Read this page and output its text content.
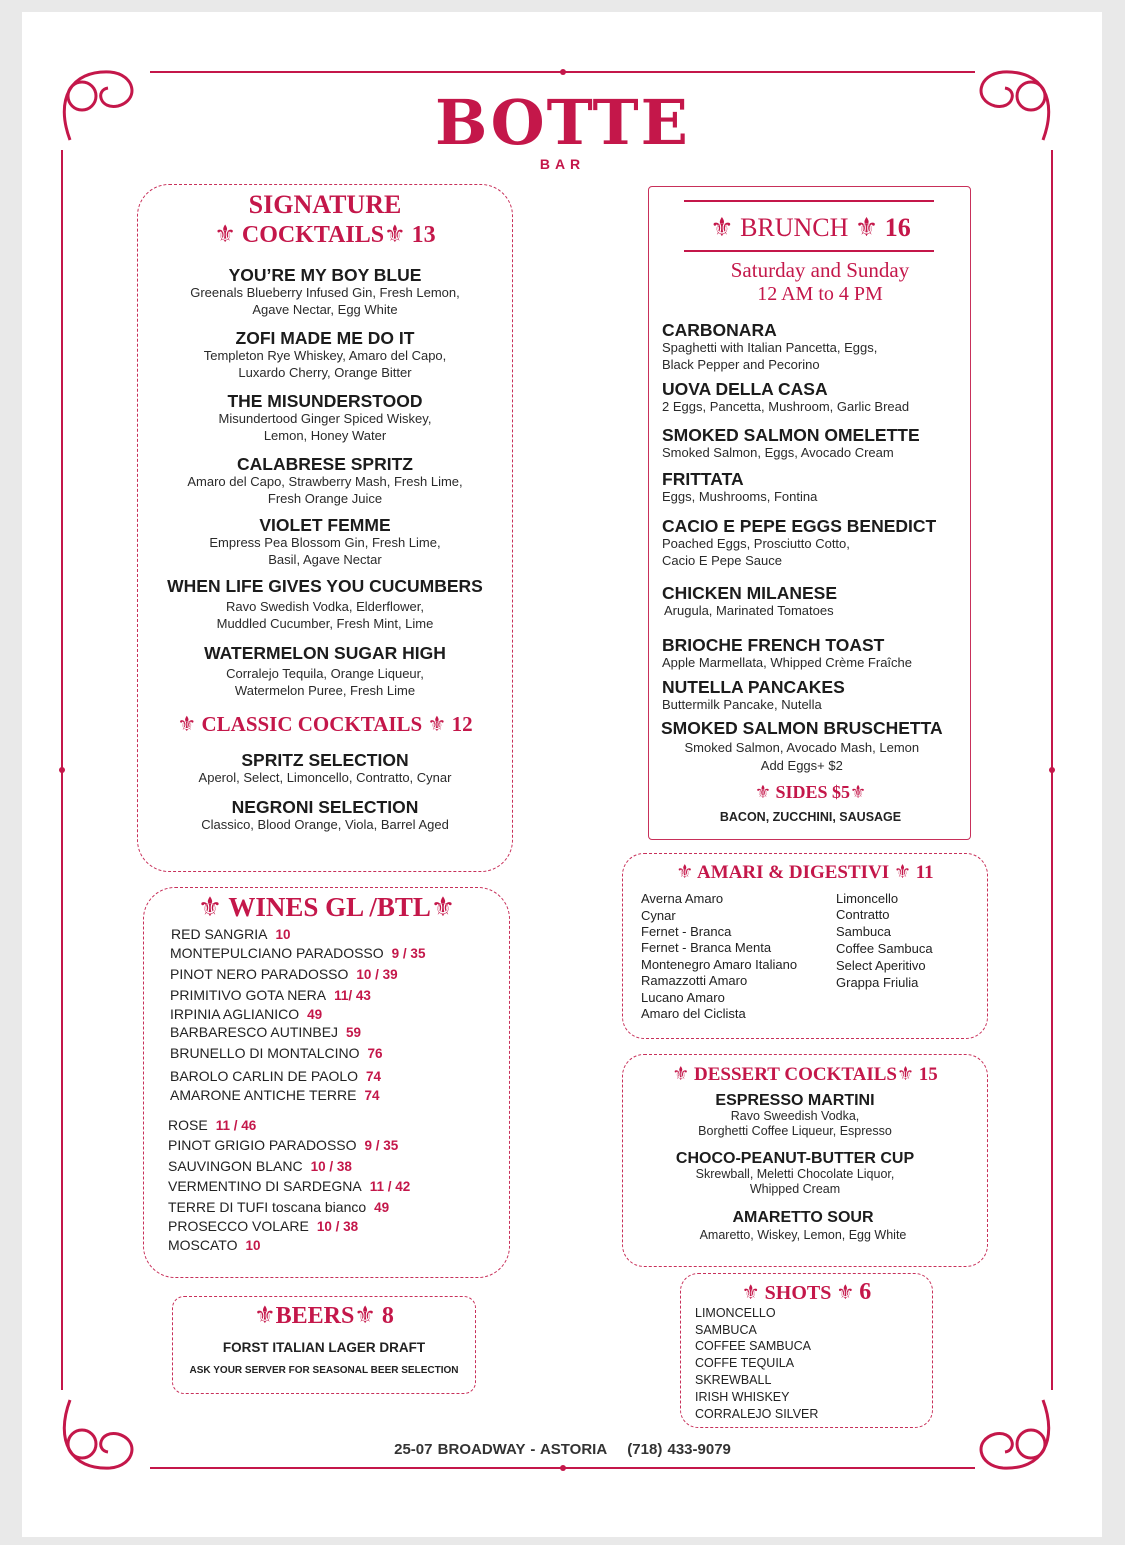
BOTTE
BAR
SIGNATURE
⚜ COCKTAILS⚜ 13
YOU’RE MY BOY BLUE
Greenals Blueberry Infused Gin, Fresh Lemon,
Agave Nectar, Egg White
ZOFI MADE ME DO IT
Templeton Rye Whiskey, Amaro del Capo,
Luxardo Cherry, Orange Bitter
THE MISUNDERSTOOD
Misundertood Ginger Spiced Wiskey,
Lemon, Honey Water
CALABRESE SPRITZ
Amaro del Capo, Strawberry Mash, Fresh Lime,
Fresh Orange Juice
VIOLET FEMME
Empress Pea Blossom Gin, Fresh Lime,
Basil, Agave Nectar
WHEN LIFE GIVES YOU CUCUMBERS
Ravo Swedish Vodka, Elderflower,
Muddled Cucumber, Fresh Mint, Lime
WATERMELON SUGAR HIGH
Corralejo Tequila, Orange Liqueur,
Watermelon Puree, Fresh Lime
⚜ CLASSIC COCKTAILS ⚜ 12
SPRITZ SELECTION
Aperol, Select, Limoncello, Contratto, Cynar
NEGRONI SELECTION
Classico, Blood Orange, Viola, Barrel Aged
⚜ WINES GL /BTL⚜
RED SANGRIA 10
MONTEPULCIANO PARADOSSO 9 / 35
PINOT NERO PARADOSSO 10 / 39
PRIMITIVO GOTA NERA 11/ 43
IRPINIA AGLIANICO 49
BARBARESCO AUTINBEJ 59
BRUNELLO DI MONTALCINO 76
BAROLO CARLIN DE PAOLO 74
AMARONE ANTICHE TERRE 74
ROSE 11 / 46
PINOT GRIGIO PARADOSSO 9 / 35
SAUVINGON BLANC 10 / 38
VERMENTINO DI SARDEGNA 11 / 42
TERRE DI TUFI toscana bianco 49
PROSECCO VOLARE 10 / 38
MOSCATO 10
⚜BEERS⚜ 8
FORST ITALIAN LAGER DRAFT
ASK YOUR SERVER FOR SEASONAL BEER SELECTION
⚜ BRUNCH ⚜ 16
Saturday and Sunday
12 AM to 4 PM
CARBONARA
Spaghetti with Italian Pancetta, Eggs,
Black Pepper and Pecorino
UOVA DELLA CASA
2 Eggs, Pancetta, Mushroom, Garlic Bread
SMOKED SALMON OMELETTE
Smoked Salmon, Eggs, Avocado Cream
FRITTATA
Eggs, Mushrooms, Fontina
CACIO E PEPE EGGS BENEDICT
Poached Eggs, Prosciutto Cotto,
Cacio E Pepe Sauce
CHICKEN MILANESE
Arugula, Marinated Tomatoes
BRIOCHE FRENCH TOAST
Apple Marmellata, Whipped Crème Fraîche
NUTELLA PANCAKES
Buttermilk Pancake, Nutella
SMOKED SALMON BRUSCHETTA
Smoked Salmon, Avocado Mash, Lemon
Add Eggs+ $2
⚜ SIDES $5⚜
BACON, ZUCCHINI, SAUSAGE
⚜ AMARI & DIGESTIVI ⚜ 11
Averna Amaro
Cynar
Fernet - Branca
Fernet - Branca Menta
Montenegro Amaro Italiano
Ramazzotti Amaro
Lucano Amaro
Amaro del Ciclista
Limoncello
Contratto
Sambuca
Coffee Sambuca
Select Aperitivo
Grappa Friulia
⚜ DESSERT COCKTAILS⚜ 15
ESPRESSO MARTINI
Ravo Sweedish Vodka,
Borghetti Coffee Liqueur, Espresso
CHOCO-PEANUT-BUTTER CUP
Skrewball, Meletti Chocolate Liquor,
Whipped Cream
AMARETTO SOUR
Amaretto, Wiskey, Lemon, Egg White
⚜ SHOTS ⚜ 6
LIMONCELLO
SAMBUCA
COFFEE SAMBUCA
COFFE TEQUILA
SKREWBALL
IRISH WHISKEY
CORRALEJO SILVER
25-07 BROADWAY - ASTORIA (718) 433-9079
